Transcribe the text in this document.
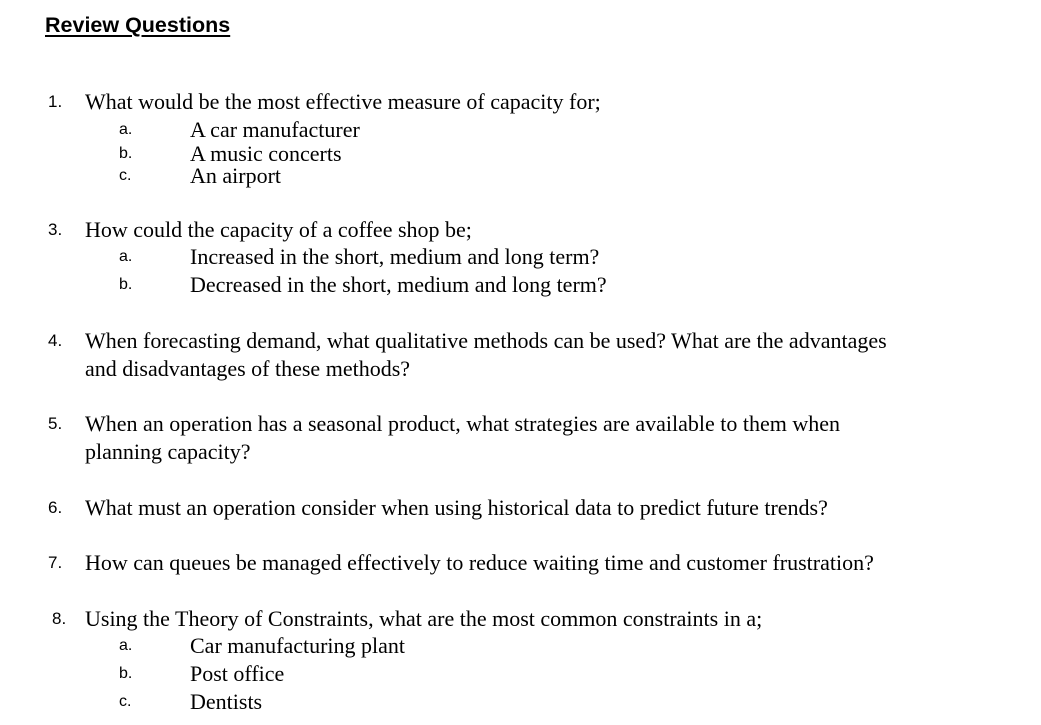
Review Questions
1.	What would be the most effective measure of capacity for;
a.	A car manufacturer
b.	A music concerts
c.	An airport
3.	How could the capacity of a coffee shop be;
a.	Increased in the short, medium and long term?
b.	Decreased in the short, medium and long term?
4.	When forecasting demand, what qualitative methods can be used? What are the advantages
and disadvantages of these methods?
5.	When an operation has a seasonal product, what strategies are available to them when
planning capacity?
6.	What must an operation consider when using historical data to predict future trends?
7.	How can queues be managed effectively to reduce waiting time and customer frustration?
8. Using the Theory of Constraints, what are the most common constraints in a;
a.	Car manufacturing plant
b.	Post office
c.	Dentists
